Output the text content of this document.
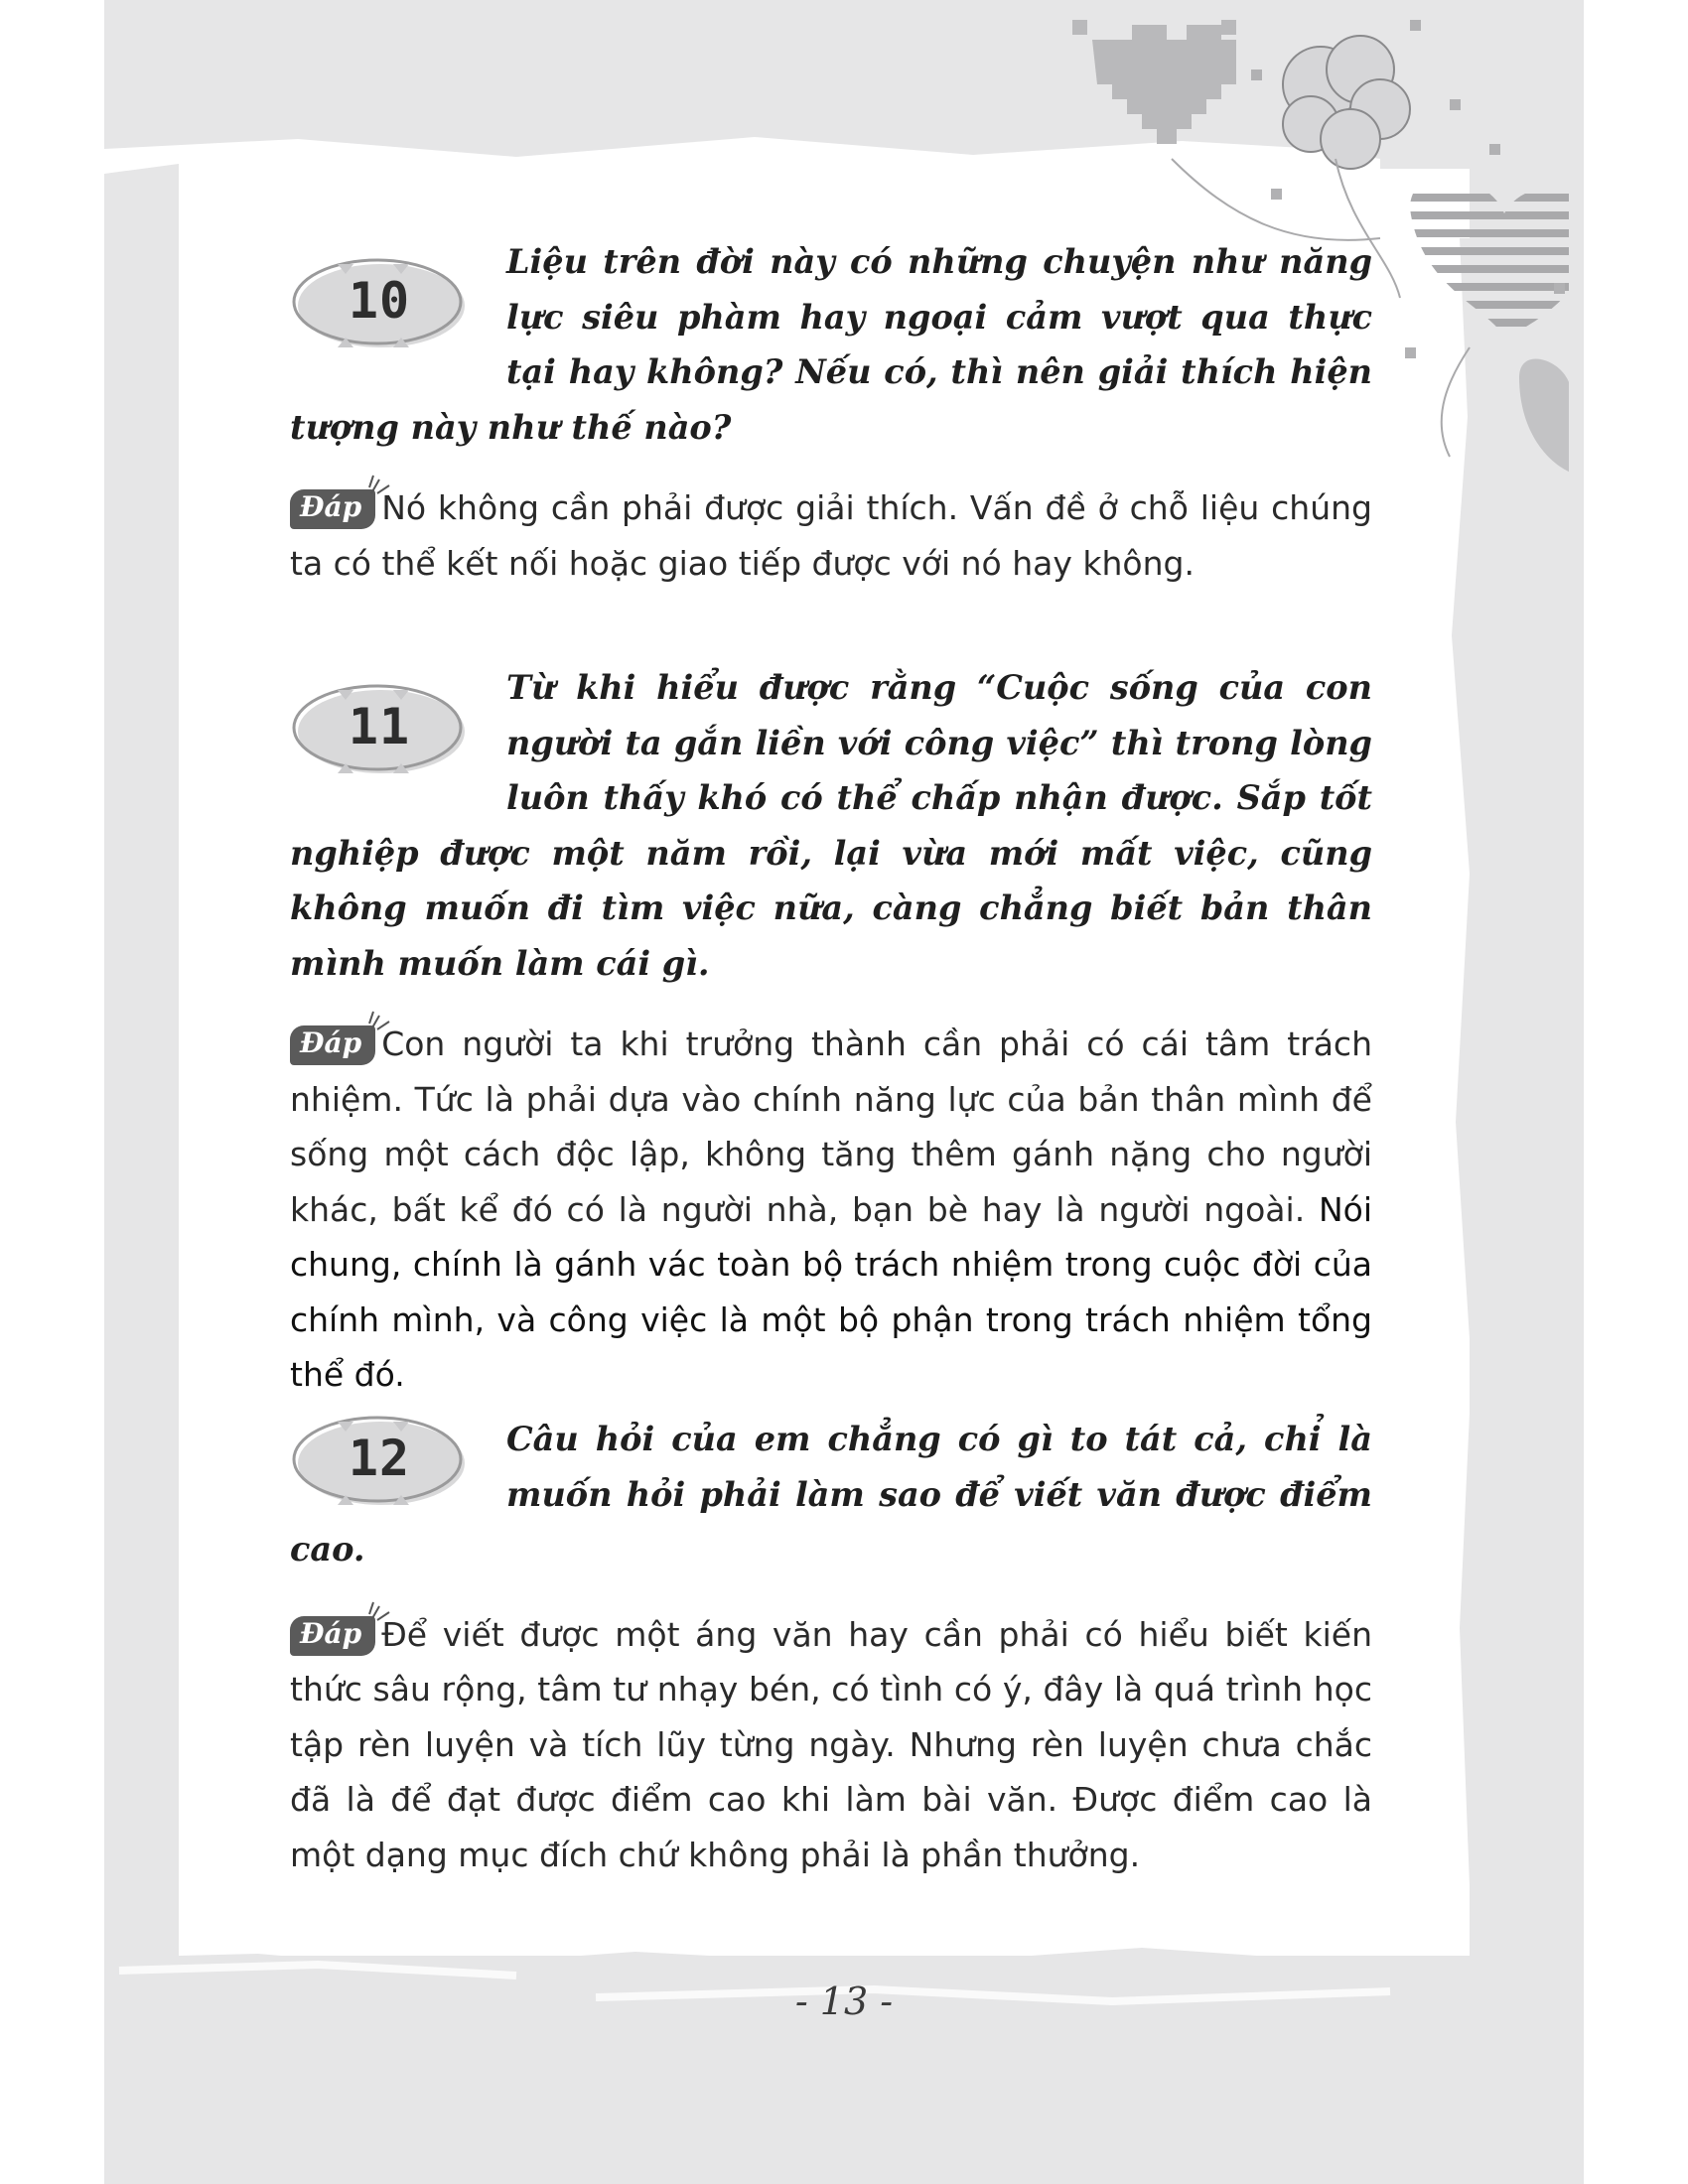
10

Liệu trên đời này có những chuyện như năng lực siêu phàm hay ngoại cảm vượt qua thực tại hay không? Nếu có, thì nên giải thích hiện tượng này như thế nào?

Đáp Nó không cần phải được giải thích. Vấn đề ở chỗ liệu chúng ta có thể kết nối hoặc giao tiếp được với nó hay không.

11

Từ khi hiểu được rằng “Cuộc sống của con người ta gắn liền với công việc” thì trong lòng luôn thấy khó có thể chấp nhận được. Sắp tốt nghiệp được một năm rồi, lại vừa mới mất việc, cũng không muốn đi tìm việc nữa, càng chẳng biết bản thân mình muốn làm cái gì.

Đáp Con người ta khi trưởng thành cần phải có cái tâm trách nhiệm. Tức là phải dựa vào chính năng lực của bản thân mình để sống một cách độc lập, không tăng thêm gánh nặng cho người khác, bất kể đó có là người nhà, bạn bè hay là người ngoài. Nói chung, chính là gánh vác toàn bộ trách nhiệm trong cuộc đời của chính mình, và công việc là một bộ phận trong trách nhiệm tổng thể đó.

12	Câu hỏi của em chẳng có gì to tát cả, chỉ là muốn hỏi phải làm sao để viết văn được điểm cao.

Đáp Để viết được một áng văn hay cần phải có hiểu biết kiến thức sâu rộng, tâm tư nhạy bén, có tình có ý, đây là quá trình học tập rèn luyện và tích lũy từng ngày. Nhưng rèn luyện chưa chắc đã là để đạt được điểm cao khi làm bài văn. Được điểm cao là một dạng mục đích chứ không phải là phần thưởng.

- 13 -
